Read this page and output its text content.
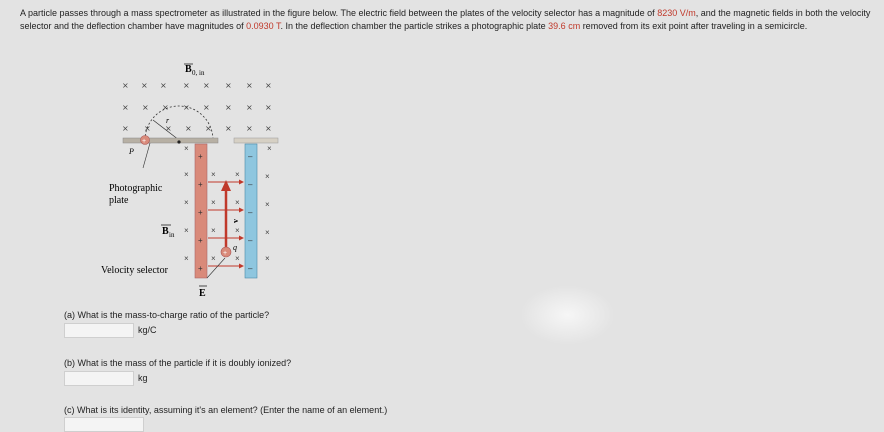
A particle passes through a mass spectrometer as illustrated in the figure below. The electric field between the plates of the velocity selector has a magnitude of 8230 V/m, and the magnetic fields in both the velocity selector and the deflection chamber have magnitudes of 0.0930 T. In the deflection chamber the particle strikes a photographic plate 39.6 cm removed from its exit point after traveling in a semicircle.
B 0, in
× × × × × × × ×
× × × × × × × ×
× × × × × × × ×
r
+
P
Photographic
plate
B in
Velocity selector
+
+
+
+
+
–
–
–
–
–
×	×
×	× ×	×
×	× ×	×
×	× ×	×
×	× ×	×
v
+
q
E
(a) What is the mass-to-charge ratio of the particle?
kg/C
(b) What is the mass of the particle if it is doubly ionized?
kg
(c) What is its identity, assuming it's an element? (Enter the name of an element.)
